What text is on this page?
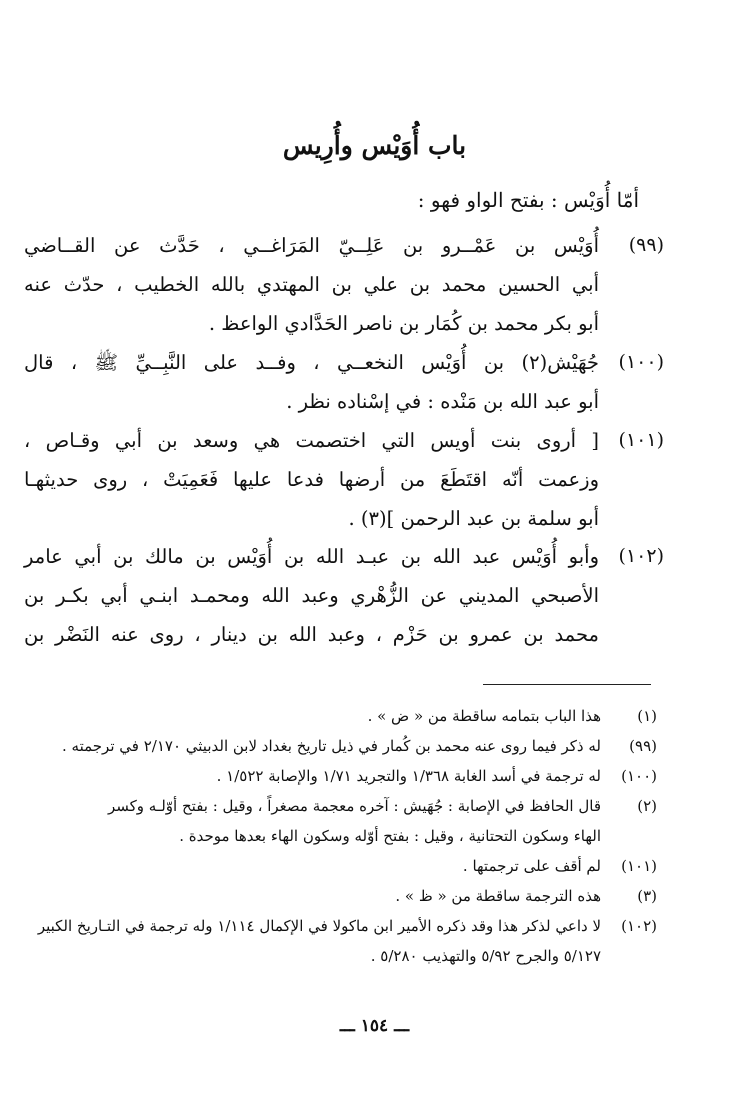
باب أُوَيْس وأُرِيس
أمّا أُوَيْس : بفتح الواو فهو :
(٩٩)
أُوَيْس بن عَمْــرو بن عَلِــيّ المَرَاغــي ، حَدَّث عن القــاضي
أبي الحسين محمد بن علي بن المهتدي بالله الخطيب ، حدّث عنه
أبو بكر محمد بن كُمَار بن ناصر الحَدَّادي الواعظ .
(١٠٠)
جُهَيْش(٢) بن أُوَيْس النخعــي ، وفــد على النَّبِــيِّ ﷺ ، قال
أبو عبد الله بن مَنْده : في إسْناده نظر .
(١٠١)
[ أروى بنت أويس التي اختصمت هي وسعد بن أبي وقـاص ،
وزعمت أنّه اقتَطَعَ من أرضها فدعا عليها فَعَمِيَتْ ، روى حديثهـا
أبو سلمة بن عبد الرحمن ](٣) .
(١٠٢)
وأبو أُوَيْس عبد الله بن عبـد الله بن أُوَيْس بن مالك بن أبي عامر
الأصبحي المديني عن الزُّهْري وعبد الله ومحمـد ابنـي أبي بكـر بن
محمد بن عمرو بن حَزْم ، وعبد الله بن دينار ، روى عنه النَضْر بن
(١)
هذا الباب بتمامه ساقطة من « ض » .
(٩٩)
له ذكر فيما روى عنه محمد بن كُمار في ذيل تاريخ بغداد لابن الدبيثي ٢/١٧٠ في ترجمته .
(١٠٠)
له ترجمة في أسد الغابة ١/٣٦٨ والتجريد ١/٧١ والإصابة ١/٥٢٢ .
(٢)
قال الحافظ في الإصابة : جُهَيش : آخره معجمة مصغراً ، وقيل : بفتح أوّلـه وكسر
الهاء وسكون التحتانية ، وقيل : بفتح أوّله وسكون الهاء بعدها موحدة .
(١٠١)
لم أقف على ترجمتها .
(٣)
هذه الترجمة ساقطة من « ظ » .
(١٠٢)
لا داعي لذكر هذا وقد ذكره الأمير ابن ماكولا في الإكمال ١/١١٤ وله ترجمة في التـاريخ الكبير
٥/١٢٧ والجرح ٥/٩٢ والتهذيب ٥/٢٨٠ .
ـــ ١٥٤ ـــ
